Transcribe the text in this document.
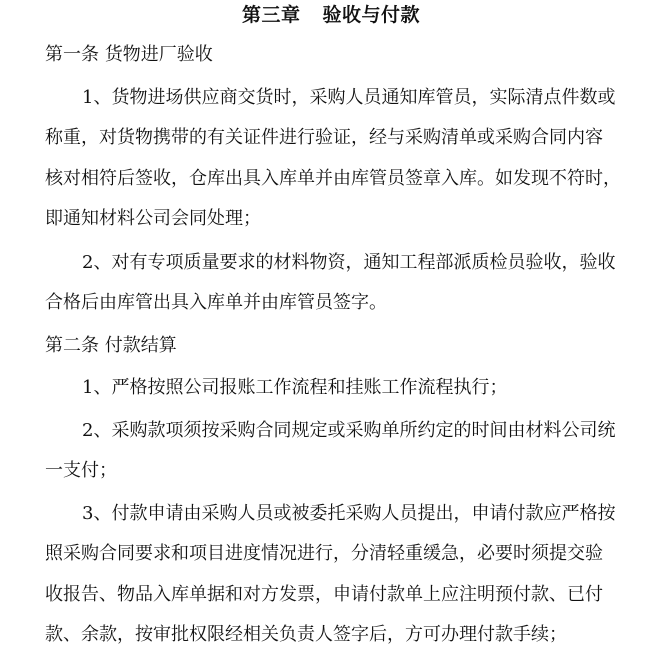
第三章 验收与付款
第一条 货物进厂验收
1、货物进场供应商交货时，采购人员通知库管员，实际清点件数或
称重，对货物携带的有关证件进行验证，经与采购清单或采购合同内容
核对相符后签收，仓库出具入库单并由库管员签章入库。如发现不符时，
即通知材料公司会同处理；
2、对有专项质量要求的材料物资，通知工程部派质检员验收，验收
合格后由库管出具入库单并由库管员签字。
第二条 付款结算
1、严格按照公司报账工作流程和挂账工作流程执行；
2、采购款项须按采购合同规定或采购单所约定的时间由材料公司统
一支付；
3、付款申请由采购人员或被委托采购人员提出，申请付款应严格按
照采购合同要求和项目进度情况进行，分清轻重缓急，必要时须提交验
收报告、物品入库单据和对方发票，申请付款单上应注明预付款、已付
款、余款，按审批权限经相关负责人签字后，方可办理付款手续；
